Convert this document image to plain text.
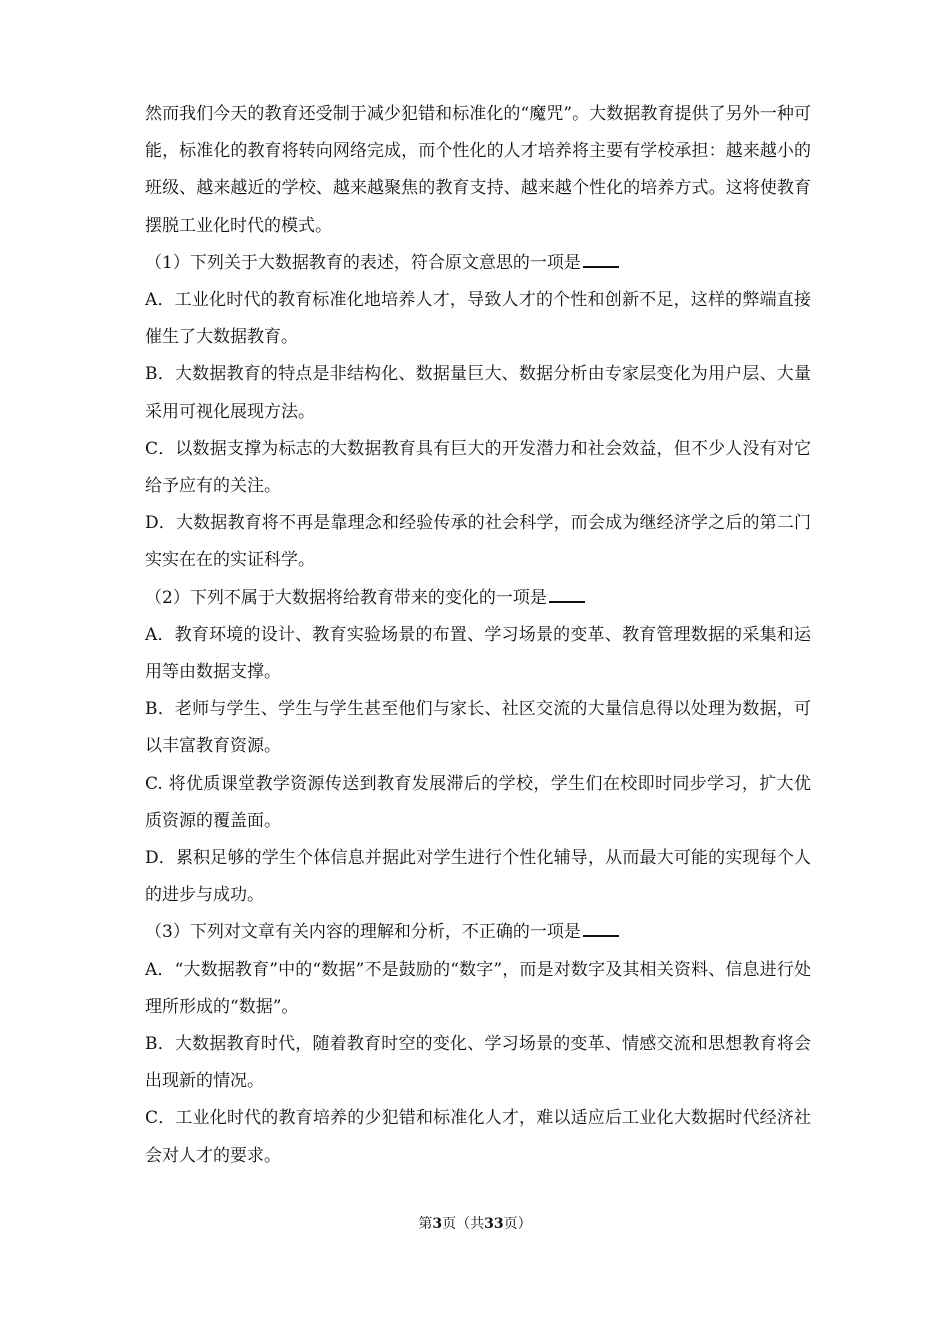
然而我们今天的教育还受制于减少犯错和标准化的“魔咒”。大数据教育提供了另外一种可能，标准化的教育将转向网络完成，而个性化的人才培养将主要有学校承担：越来越小的班级、越来越近的学校、越来越聚焦的教育支持、越来越个性化的培养方式。这将使教育摆脱工业化时代的模式。

（1）下列关于大数据教育的表述，符合原文意思的一项是

A．工业化时代的教育标准化地培养人才，导致人才的个性和创新不足，这样的弊端直接催生了大数据教育。

B．大数据教育的特点是非结构化、数据量巨大、数据分析由专家层变化为用户层、大量采用可视化展现方法。

C．以数据支撑为标志的大数据教育具有巨大的开发潜力和社会效益，但不少人没有对它给予应有的关注。

D．大数据教育将不再是靠理念和经验传承的社会科学，而会成为继经济学之后的第二门实实在在的实证科学。

（2）下列不属于大数据将给教育带来的变化的一项是

A．教育环境的设计、教育实验场景的布置、学习场景的变革、教育管理数据的采集和运用等由数据支撑。

B．老师与学生、学生与学生甚至他们与家长、社区交流的大量信息得以处理为数据，可以丰富教育资源。

C. 将优质课堂教学资源传送到教育发展滞后的学校，学生们在校即时同步学习，扩大优质资源的覆盖面。

D．累积足够的学生个体信息并据此对学生进行个性化辅导，从而最大可能的实现每个人的进步与成功。

（3）下列对文章有关内容的理解和分析，不正确的一项是

A．“大数据教育”中的“数据”不是鼓励的“数字”，而是对数字及其相关资料、信息进行处理所形成的“数据”。

B．大数据教育时代，随着教育时空的变化、学习场景的变革、情感交流和思想教育将会出现新的情况。

C．工业化时代的教育培养的少犯错和标准化人才，难以适应后工业化大数据时代经济社会对人才的要求。

第3页（共33页）
